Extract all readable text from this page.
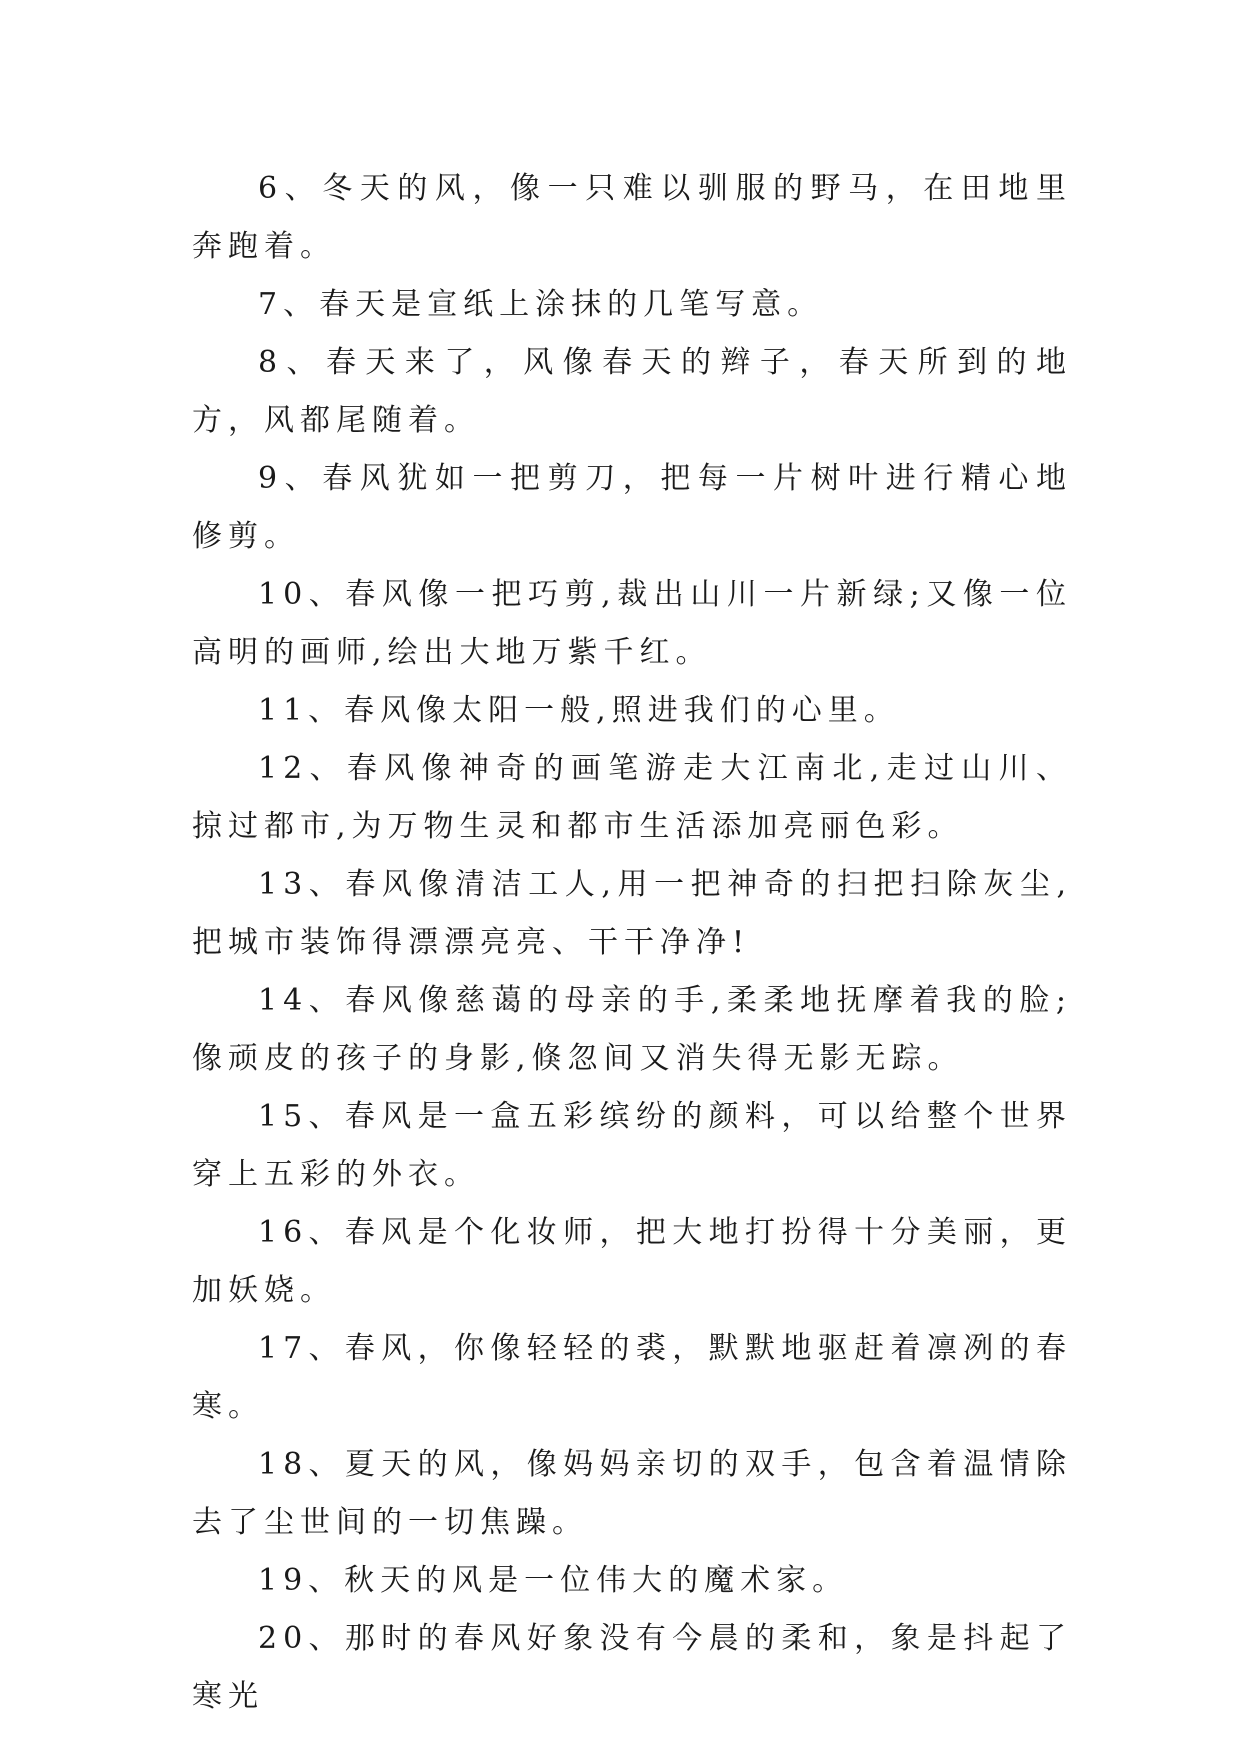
6、冬天的风，像一只难以驯服的野马，在田地里奔跑着。

7、春天是宣纸上涂抹的几笔写意。

8、春天来了，风像春天的辫子，春天所到的地方，风都尾随着。

9、春风犹如一把剪刀，把每一片树叶进行精心地修剪。

10、春风像一把巧剪,裁出山川一片新绿;又像一位高明的画师,绘出大地万紫千红。

11、春风像太阳一般,照进我们的心里。

12、春风像神奇的画笔游走大江南北,走过山川、掠过都市,为万物生灵和都市生活添加亮丽色彩。

13、春风像清洁工人,用一把神奇的扫把扫除灰尘,把城市装饰得漂漂亮亮、干干净净!

14、春风像慈蔼的母亲的手,柔柔地抚摩着我的脸;像顽皮的孩子的身影,倏忽间又消失得无影无踪。

15、春风是一盒五彩缤纷的颜料，可以给整个世界穿上五彩的外衣。

16、春风是个化妆师，把大地打扮得十分美丽，更加妖娆。

17、春风，你像轻轻的裘，默默地驱赶着凛冽的春寒。

18、夏天的风，像妈妈亲切的双手，包含着温情除去了尘世间的一切焦躁。

19、秋天的风是一位伟大的魔术家。

20、那时的春风好象没有今晨的柔和，象是抖起了寒光
